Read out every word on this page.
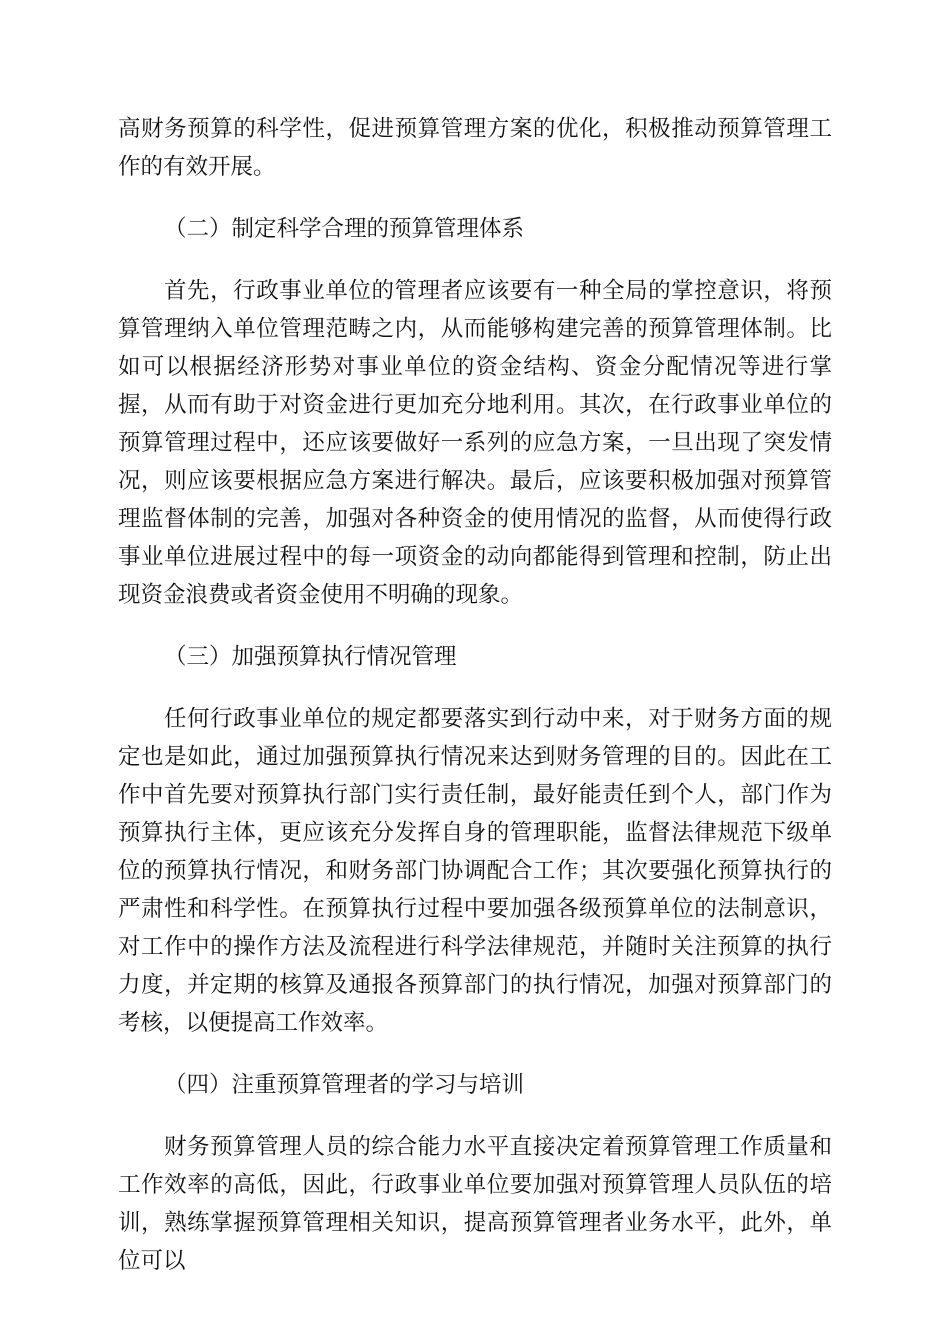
高财务预算的科学性，促进预算管理方案的优化，积极推动预算管理工作的有效开展。

（二）制定科学合理的预算管理体系

首先，行政事业单位的管理者应该要有一种全局的掌控意识，将预算管理纳入单位管理范畴之内，从而能够构建完善的预算管理体制。比如可以根据经济形势对事业单位的资金结构、资金分配情况等进行掌握，从而有助于对资金进行更加充分地利用。其次，在行政事业单位的预算管理过程中，还应该要做好一系列的应急方案，一旦出现了突发情况，则应该要根据应急方案进行解决。最后，应该要积极加强对预算管理监督体制的完善，加强对各种资金的使用情况的监督，从而使得行政事业单位进展过程中的每一项资金的动向都能得到管理和控制，防止出现资金浪费或者资金使用不明确的现象。

（三）加强预算执行情况管理

任何行政事业单位的规定都要落实到行动中来，对于财务方面的规定也是如此，通过加强预算执行情况来达到财务管理的目的。因此在工作中首先要对预算执行部门实行责任制，最好能责任到个人，部门作为预算执行主体，更应该充分发挥自身的管理职能，监督法律规范下级单位的预算执行情况，和财务部门协调配合工作；其次要强化预算执行的严肃性和科学性。在预算执行过程中要加强各级预算单位的法制意识，对工作中的操作方法及流程进行科学法律规范，并随时关注预算的执行力度，并定期的核算及通报各预算部门的执行情况，加强对预算部门的考核，以便提高工作效率。

（四）注重预算管理者的学习与培训

财务预算管理人员的综合能力水平直接决定着预算管理工作质量和工作效率的高低，因此，行政事业单位要加强对预算管理人员队伍的培训，熟练掌握预算管理相关知识，提高预算管理者业务水平，此外，单位可以
